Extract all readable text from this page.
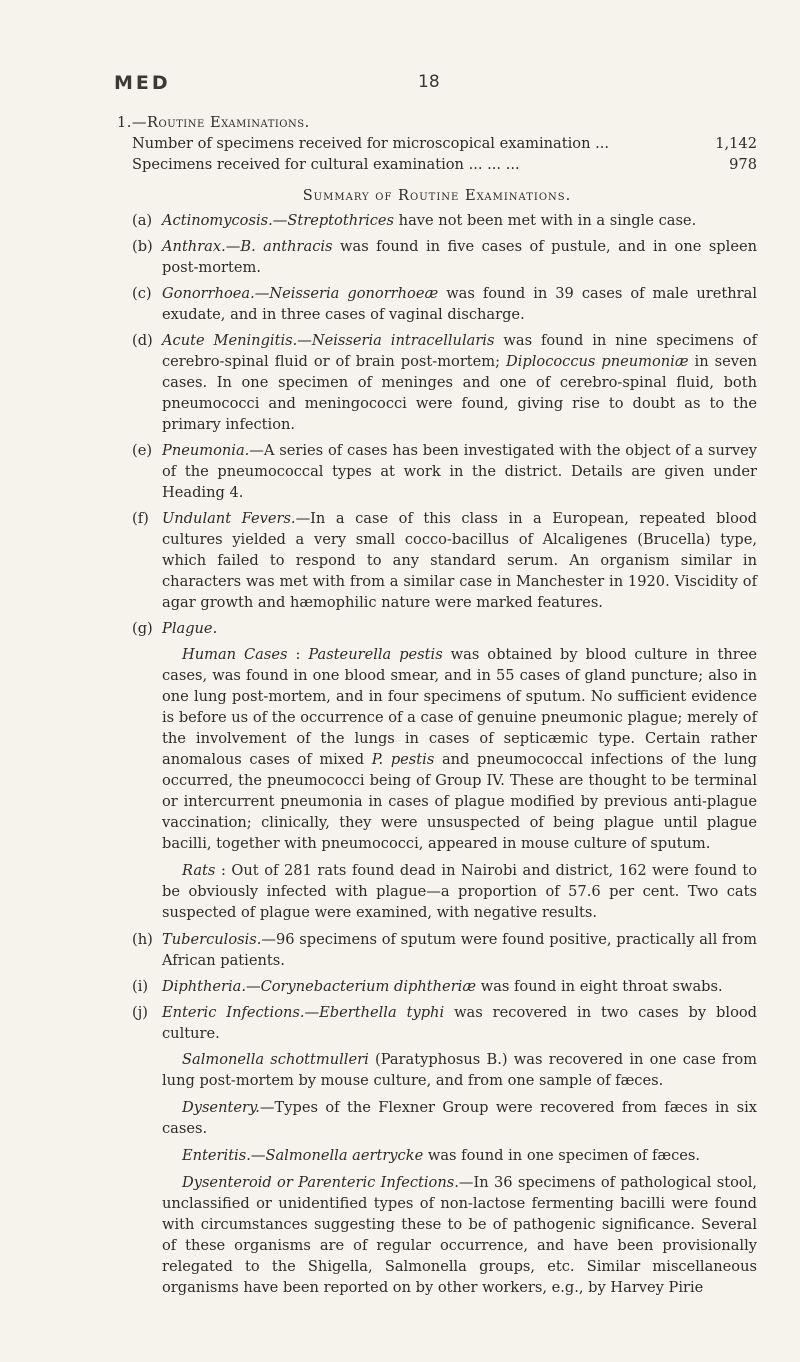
MED	18

1.—Routine Examinations.

Number of specimens received for microscopical examination ...	1,142
Specimens received for cultural examination ... ... ...	978
Summary of Routine Examinations.
(a) Actinomycosis.—Streptothrices have not been met with in a single case.
(b) Anthrax.—B. anthracis was found in five cases of pustule, and in one spleen post-mortem.
(c) Gonorrhoea.—Neisseria gonorrhoeæ was found in 39 cases of male urethral exudate, and in three cases of vaginal discharge.
(d) Acute Meningitis.—Neisseria intracellularis was found in nine specimens of cerebro-spinal fluid or of brain post-mortem; Diplococcus pneumoniæ in seven cases. In one specimen of meninges and one of cerebro-spinal fluid, both pneumococci and meningococci were found, giving rise to doubt as to the primary infection.
(e) Pneumonia.—A series of cases has been investigated with the object of a survey of the pneumococcal types at work in the district. Details are given under Heading 4.
(f) Undulant Fevers.—In a case of this class in a European, repeated blood cultures yielded a very small cocco-bacillus of Alcaligenes (Brucella) type, which failed to respond to any standard serum. An organism similar in characters was met with from a similar case in Manchester in 1920. Viscidity of agar growth and hæmophilic nature were marked features.
(g) Plague.

Human Cases : Pasteurella pestis was obtained by blood culture in three cases, was found in one blood smear, and in 55 cases of gland puncture; also in one lung post-mortem, and in four specimens of sputum. No sufficient evidence is before us of the occurrence of a case of genuine pneumonic plague; merely of the involvement of the lungs in cases of septicæmic type. Certain rather anomalous cases of mixed P. pestis and pneumococcal infections of the lung occurred, the pneumococci being of Group IV. These are thought to be terminal or intercurrent pneumonia in cases of plague modified by previous anti-plague vaccination; clinically, they were unsuspected of being plague until plague bacilli, together with pneumococci, appeared in mouse culture of sputum.

Rats : Out of 281 rats found dead in Nairobi and district, 162 were found to be obviously infected with plague—a proportion of 57.6 per cent. Two cats suspected of plague were examined, with negative results.

(h) Tuberculosis.—96 specimens of sputum were found positive, practically all from African patients.
(i) Diphtheria.—Corynebacterium diphtheriæ was found in eight throat swabs.
(j) Enteric Infections.—Eberthella typhi was recovered in two cases by blood culture.

Salmonella schottmulleri (Paratyphosus B.) was recovered in one case from lung post-mortem by mouse culture, and from one sample of fæces.

Dysentery.—Types of the Flexner Group were recovered from fæces in six cases.

Enteritis.—Salmonella aertrycke was found in one specimen of fæces.

Dysenteroid or Parenteric Infections.—In 36 specimens of pathological stool, unclassified or unidentified types of non-lactose fermenting bacilli were found with circumstances suggesting these to be of pathogenic significance. Several of these organisms are of regular occurrence, and have been provisionally relegated to the Shigella, Salmonella groups, etc. Similar miscellaneous organisms have been reported on by other workers, e.g., by Harvey Pirie
